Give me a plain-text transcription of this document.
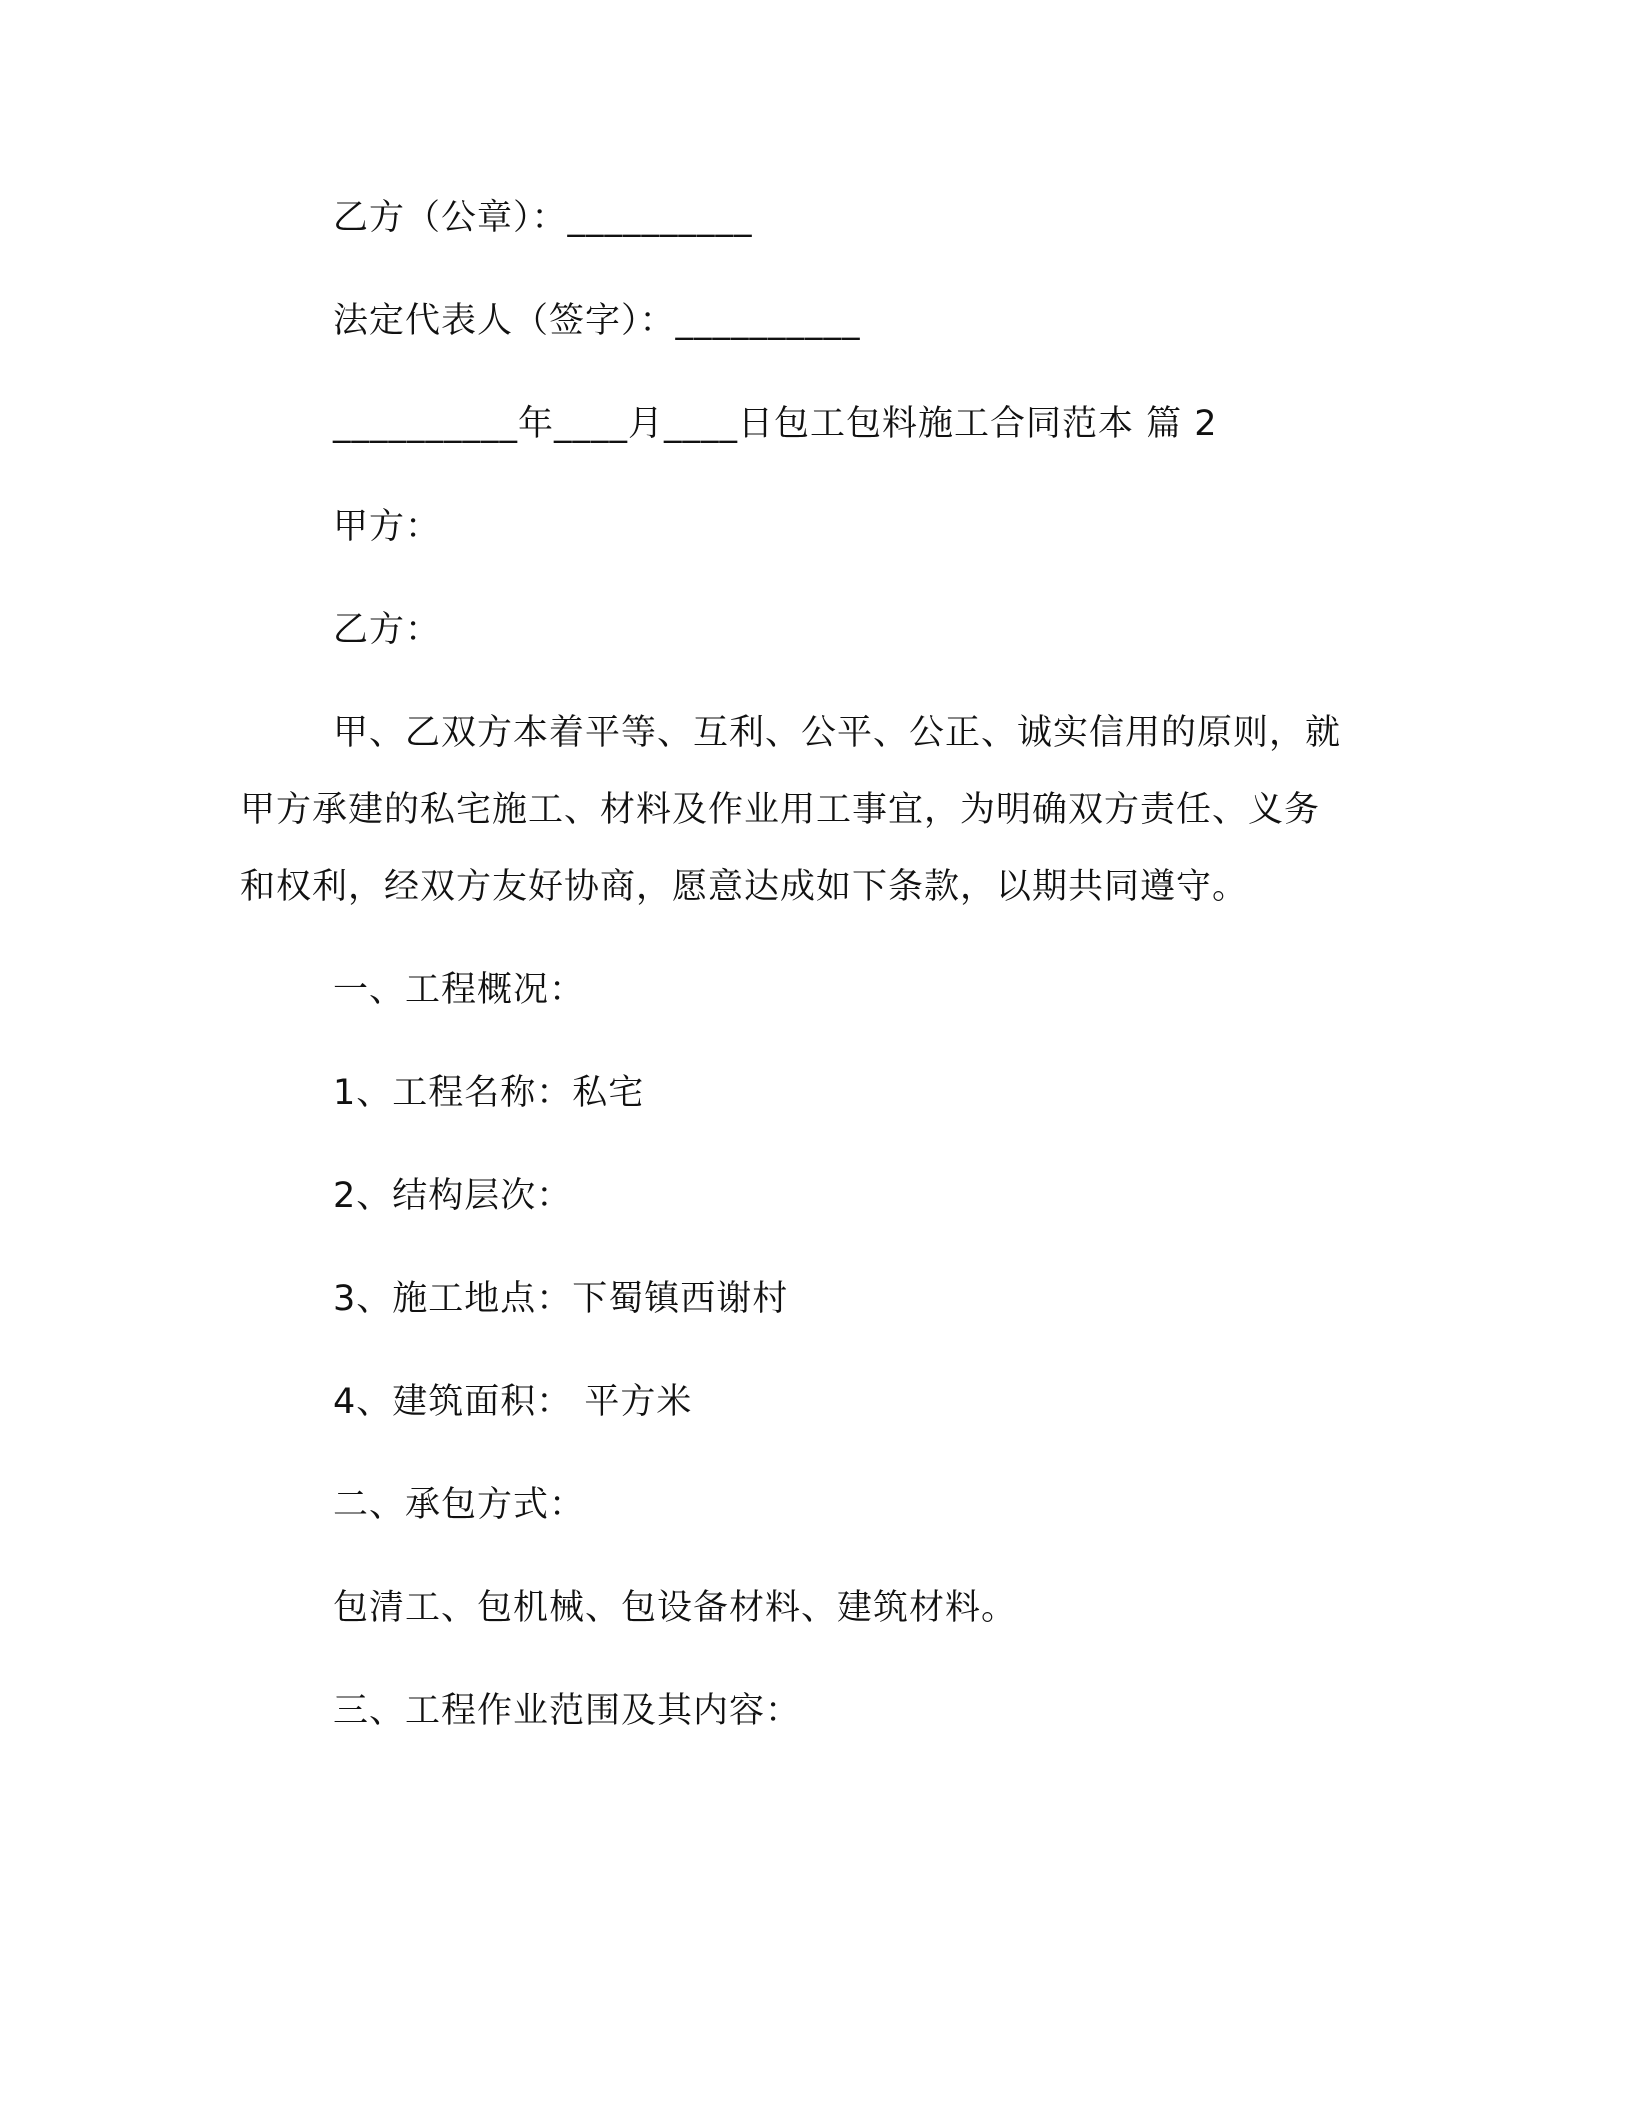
乙方（公章）：__________
法定代表人（签字）：__________
__________年____月____日包工包料施工合同范本 篇 2
甲方：
乙方：
甲、乙双方本着平等、互利、公平、公正、诚实信用的原则，就
甲方承建的私宅施工、材料及作业用工事宜，为明确双方责任、义务
和权利，经双方友好协商，愿意达成如下条款，以期共同遵守。
一、工程概况：
1、工程名称：私宅
2、结构层次：
3、施工地点：下蜀镇西谢村
4、建筑面积： 平方米
二、承包方式：
包清工、包机械、包设备材料、建筑材料。
三、工程作业范围及其内容：
